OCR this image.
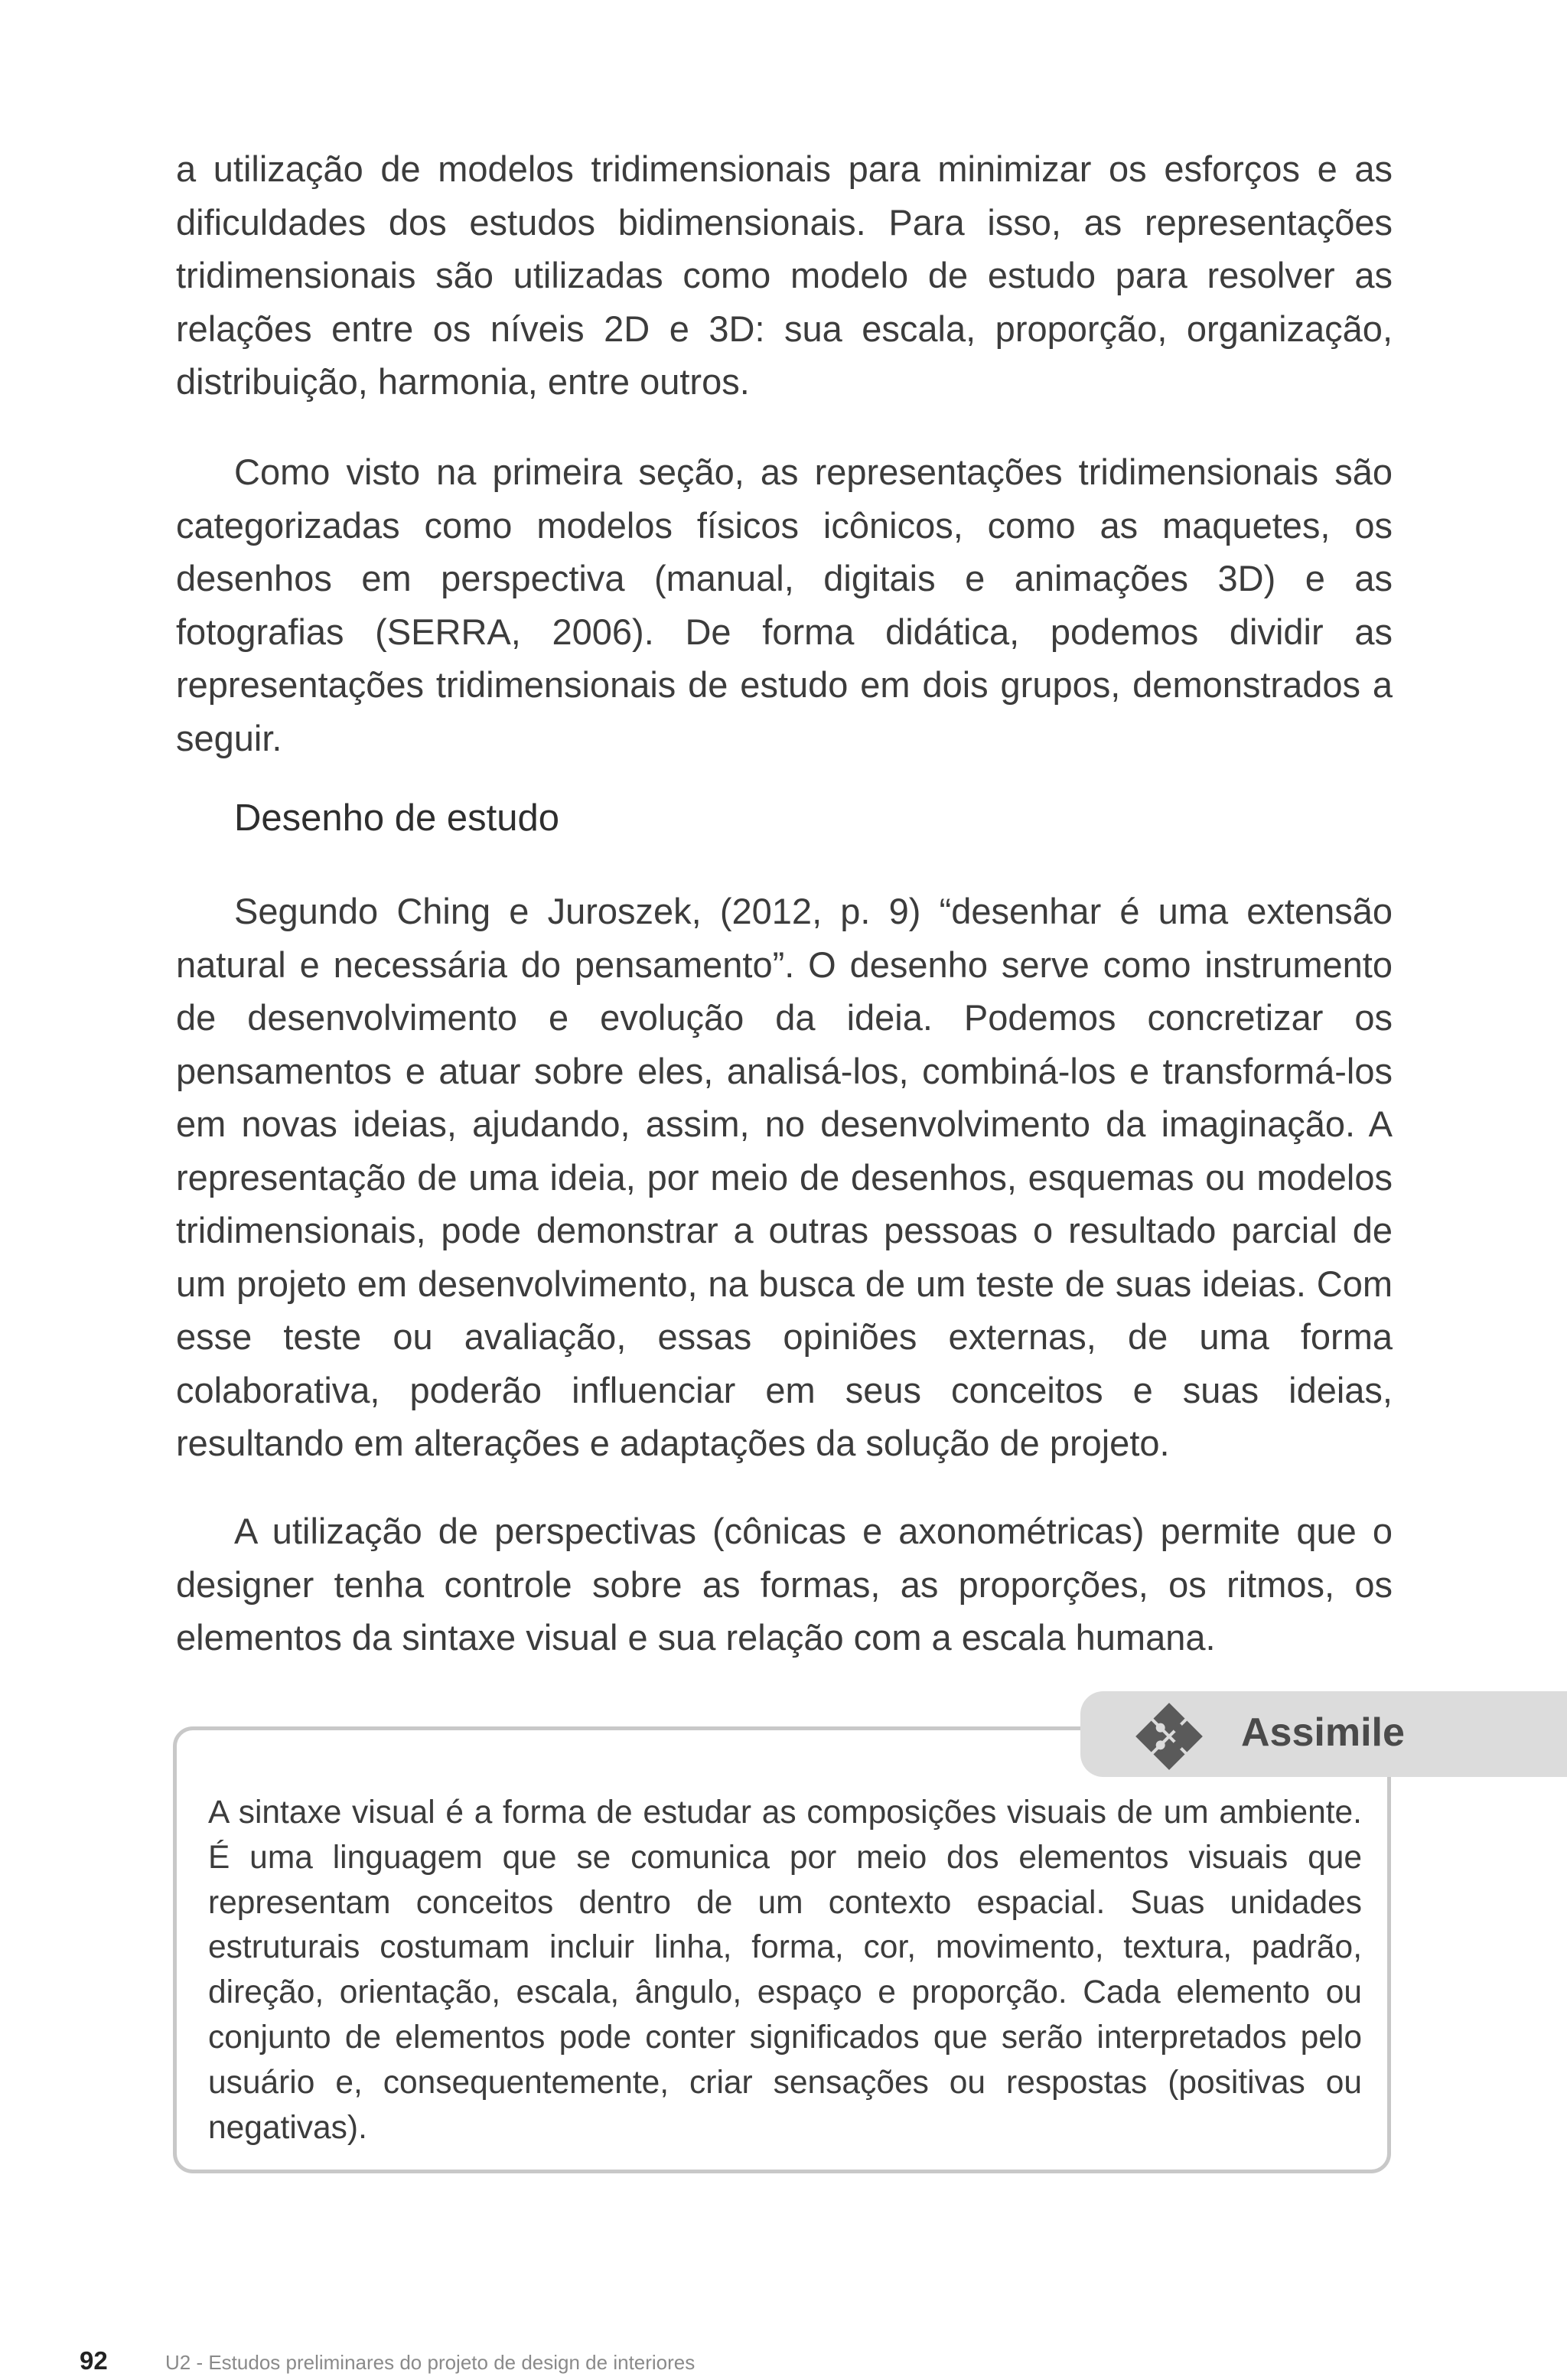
a utilização de modelos tridimensionais para minimizar os esforços e as dificuldades dos estudos bidimensionais. Para isso, as representações tridimensionais são utilizadas como modelo de estudo para resolver as relações entre os níveis 2D e 3D: sua escala, proporção, organização, distribuição, harmonia, entre outros.

Como visto na primeira seção, as representações tridimensionais são categorizadas como modelos físicos icônicos, como as maquetes, os desenhos em perspectiva (manual, digitais e animações 3D) e as fotografias (SERRA, 2006). De forma didática, podemos dividir as representações tridimensionais de estudo em dois grupos, demonstrados a seguir.

Desenho de estudo

Segundo Ching e Juroszek, (2012, p. 9) “desenhar é uma extensão natural e necessária do pensamento”. O desenho serve como instrumento de desenvolvimento e evolução da ideia. Podemos concretizar os pensamentos e atuar sobre eles, analisá-los, combiná-los e transformá-los em novas ideias, ajudando, assim, no desenvolvimento da imaginação. A representação de uma ideia, por meio de desenhos, esquemas ou modelos tridimensionais, pode demonstrar a outras pessoas o resultado parcial de um projeto em desenvolvimento, na busca de um teste de suas ideias. Com esse teste ou avaliação, essas opiniões externas, de uma forma colaborativa, poderão influenciar em seus conceitos e suas ideias, resultando em alterações e adaptações da solução de projeto.

A utilização de perspectivas (cônicas e axonométricas) permite que o designer tenha controle sobre as formas, as proporções, os ritmos, os elementos da sintaxe visual e sua relação com a escala humana.

Assimile

A sintaxe visual é a forma de estudar as composições visuais de um ambiente. É uma linguagem que se comunica por meio dos elementos visuais que representam conceitos dentro de um contexto espacial. Suas unidades estruturais costumam incluir linha, forma, cor, movimento, textura, padrão, direção, orientação, escala, ângulo, espaço e proporção. Cada elemento ou conjunto de elementos pode conter significados que serão interpretados pelo usuário e, consequentemente, criar sensações ou respostas (positivas ou negativas).

92	U2 - Estudos preliminares do projeto de design de interiores
